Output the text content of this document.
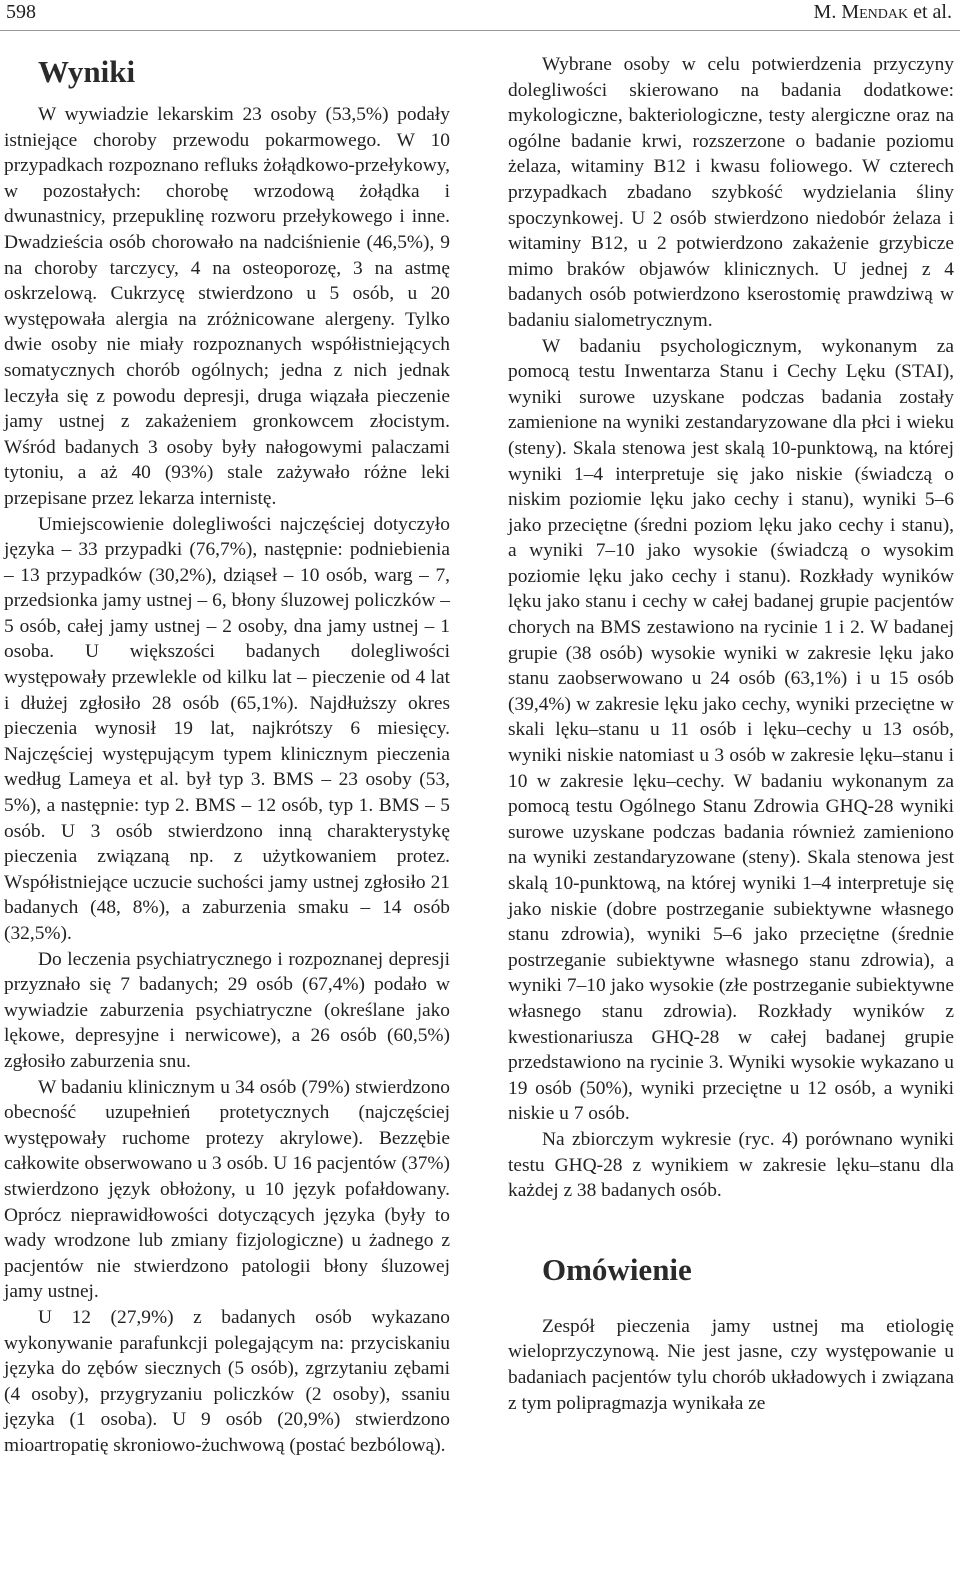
598	M. Mendak et al.
Wyniki

W wywiadzie lekarskim 23 osoby (53,5%) podały istniejące choroby przewodu pokarmowego. W 10 przypadkach rozpoznano refluks żołądkowo-przełykowy, w pozostałych: chorobę wrzodową żołądka i dwunastnicy, przepuklinę rozworu przełykowego i inne. Dwadzieścia osób chorowało na nadciśnienie (46,5%), 9 na choroby tarczycy, 4 na osteoporozę, 3 na astmę oskrzelową. Cukrzycę stwierdzono u 5 osób, u 20 występowała alergia na zróżnicowane alergeny. Tylko dwie osoby nie miały rozpoznanych współistniejących somatycznych chorób ogólnych; jedna z nich jednak leczyła się z powodu depresji, druga wiązała pieczenie jamy ustnej z zakażeniem gronkowcem złocistym. Wśród badanych 3 osoby były nałogowymi palaczami tytoniu, a aż 40 (93%) stale zażywało różne leki przepisane przez lekarza internistę.

Umiejscowienie dolegliwości najczęściej dotyczyło języka – 33 przypadki (76,7%), następnie: podniebienia – 13 przypadków (30,2%), dziąseł – 10 osób, warg – 7, przedsionka jamy ustnej – 6, błony śluzowej policzków – 5 osób, całej jamy ustnej – 2 osoby, dna jamy ustnej – 1 osoba. U większości badanych dolegliwości występowały przewlekle od kilku lat – pieczenie od 4 lat i dłużej zgłosiło 28 osób (65,1%). Najdłuższy okres pieczenia wynosił 19 lat, najkrótszy 6 miesięcy. Najczęściej występującym typem klinicznym pieczenia według Lameya et al. był typ 3. BMS – 23 osoby (53, 5%), a następnie: typ 2. BMS – 12 osób, typ 1. BMS – 5 osób. U 3 osób stwierdzono inną charakterystykę pieczenia związaną np. z użytkowaniem protez. Współistniejące uczucie suchości jamy ustnej zgłosiło 21 badanych (48, 8%), a zaburzenia smaku – 14 osób (32,5%).

Do leczenia psychiatrycznego i rozpoznanej depresji przyznało się 7 badanych; 29 osób (67,4%) podało w wywiadzie zaburzenia psychiatryczne (określane jako lękowe, depresyjne i nerwicowe), a 26 osób (60,5%) zgłosiło zaburzenia snu.

W badaniu klinicznym u 34 osób (79%) stwierdzono obecność uzupełnień protetycznych (najczęściej występowały ruchome protezy akrylowe). Bezzębie całkowite obserwowano u 3 osób. U 16 pacjentów (37%) stwierdzono język obłożony, u 10 język pofałdowany. Oprócz nieprawidłowości dotyczących języka (były to wady wrodzone lub zmiany fizjologiczne) u żadnego z pacjentów nie stwierdzono patologii błony śluzowej jamy ustnej.

U 12 (27,9%) z badanych osób wykazano wykonywanie parafunkcji polegającym na: przyciskaniu języka do zębów siecznych (5 osób), zgrzytaniu zębami (4 osoby), przygryzaniu policzków (2 osoby), ssaniu języka (1 osoba). U 9 osób (20,9%) stwierdzono mioartropatię skroniowo-żuchwową (postać bezbólową).

Wybrane osoby w celu potwierdzenia przyczyny dolegliwości skierowano na badania dodatkowe: mykologiczne, bakteriologiczne, testy alergiczne oraz na ogólne badanie krwi, rozszerzone o badanie poziomu żelaza, witaminy B12 i kwasu foliowego. W czterech przypadkach zbadano szybkość wydzielania śliny spoczynkowej. U 2 osób stwierdzono niedobór żelaza i witaminy B12, u 2 potwierdzono zakażenie grzybicze mimo braków objawów klinicznych. U jednej z 4 badanych osób potwierdzono kserostomię prawdziwą w badaniu sialometrycznym.

W badaniu psychologicznym, wykonanym za pomocą testu Inwentarza Stanu i Cechy Lęku (STAI), wyniki surowe uzyskane podczas badania zostały zamienione na wyniki zestandaryzowane dla płci i wieku (steny). Skala stenowa jest skalą 10-punktową, na której wyniki 1–4 interpretuje się jako niskie (świadczą o niskim poziomie lęku jako cechy i stanu), wyniki 5–6 jako przeciętne (średni poziom lęku jako cechy i stanu), a wyniki 7–10 jako wysokie (świadczą o wysokim poziomie lęku jako cechy i stanu). Rozkłady wyników lęku jako stanu i cechy w całej badanej grupie pacjentów chorych na BMS zestawiono na rycinie 1 i 2. W badanej grupie (38 osób) wysokie wyniki w zakresie lęku jako stanu zaobserwowano u 24 osób (63,1%) i u 15 osób (39,4%) w zakresie lęku jako cechy, wyniki przeciętne w skali lęku–stanu u 11 osób i lęku–cechy u 13 osób, wyniki niskie natomiast u 3 osób w zakresie lęku–stanu i 10 w zakresie lęku–cechy. W badaniu wykonanym za pomocą testu Ogólnego Stanu Zdrowia GHQ-28 wyniki surowe uzyskane podczas badania również zamieniono na wyniki zestandaryzowane (steny). Skala stenowa jest skalą 10-punktową, na której wyniki 1–4 interpretuje się jako niskie (dobre postrzeganie subiektywne własnego stanu zdrowia), wyniki 5–6 jako przeciętne (średnie postrzeganie subiektywne własnego stanu zdrowia), a wyniki 7–10 jako wysokie (złe postrzeganie subiektywne własnego stanu zdrowia). Rozkłady wyników z kwestionariusza GHQ-28 w całej badanej grupie przedstawiono na rycinie 3. Wyniki wysokie wykazano u 19 osób (50%), wyniki przeciętne u 12 osób, a wyniki niskie u 7 osób.

Na zbiorczym wykresie (ryc. 4) porównano wyniki testu GHQ-28 z wynikiem w zakresie lęku–stanu dla każdej z 38 badanych osób.

Omówienie

Zespół pieczenia jamy ustnej ma etiologię wieloprzyczynową. Nie jest jasne, czy występowanie u badaniach pacjentów tylu chorób układowych i związana z tym polipragmazja wynikała ze
